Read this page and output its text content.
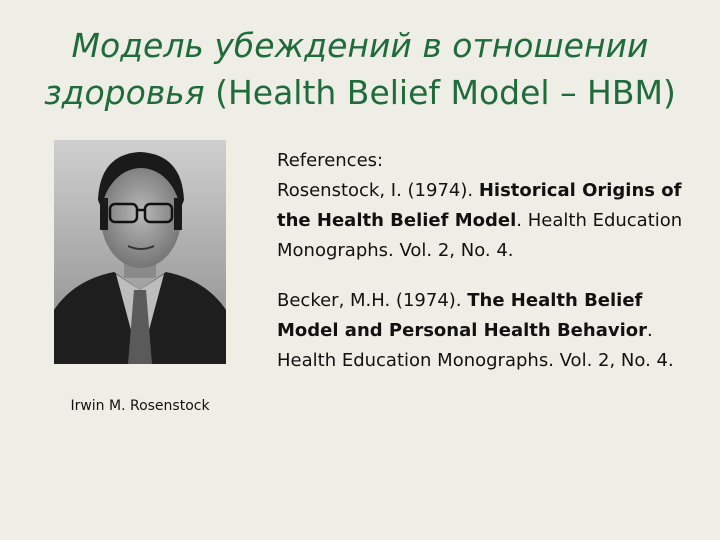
Модель убеждений в отношении здоровья (Health Belief Model – HBM)
Irwin M. Rosenstock

References:

Rosenstock, I. (1974). Historical Origins of the Health Belief Model. Health Education Monographs. Vol. 2, No. 4.

Becker, M.H. (1974). The Health Belief Model and Personal Health Behavior. Health Education Monographs. Vol. 2, No. 4.
